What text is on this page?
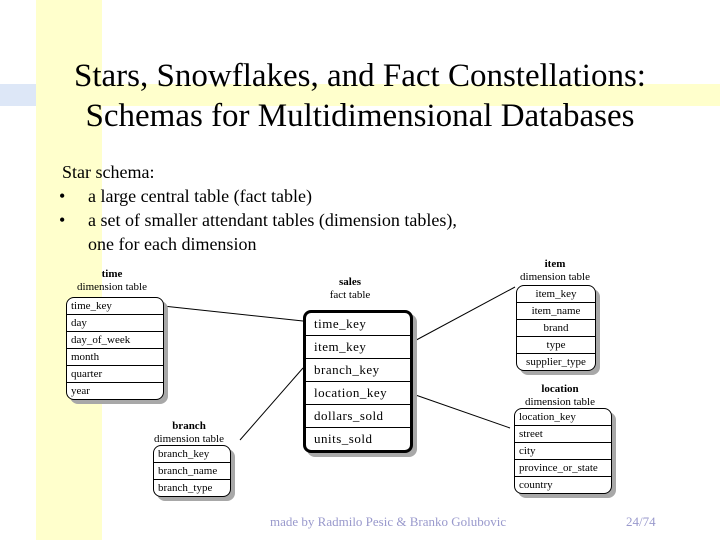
Stars, Snowflakes, and Fact Constellations:
Schemas for Multidimensional Databases
Star schema:
• a large central table (fact table)
• a set of smaller attendant tables (dimension tables),
one for each dimension
time
dimension table
time_key
day
day_of_week
month
quarter
year
sales
fact table
time_key
item_key
branch_key
location_key
dollars_sold
units_sold
item
dimension table
item_key
item_name
brand
type
supplier_type
branch
dimension table
branch_key
branch_name
branch_type
location
dimension table
location_key
street
city
province_or_state
country
made by Radmilo Pesic & Branko Golubovic	24/74
